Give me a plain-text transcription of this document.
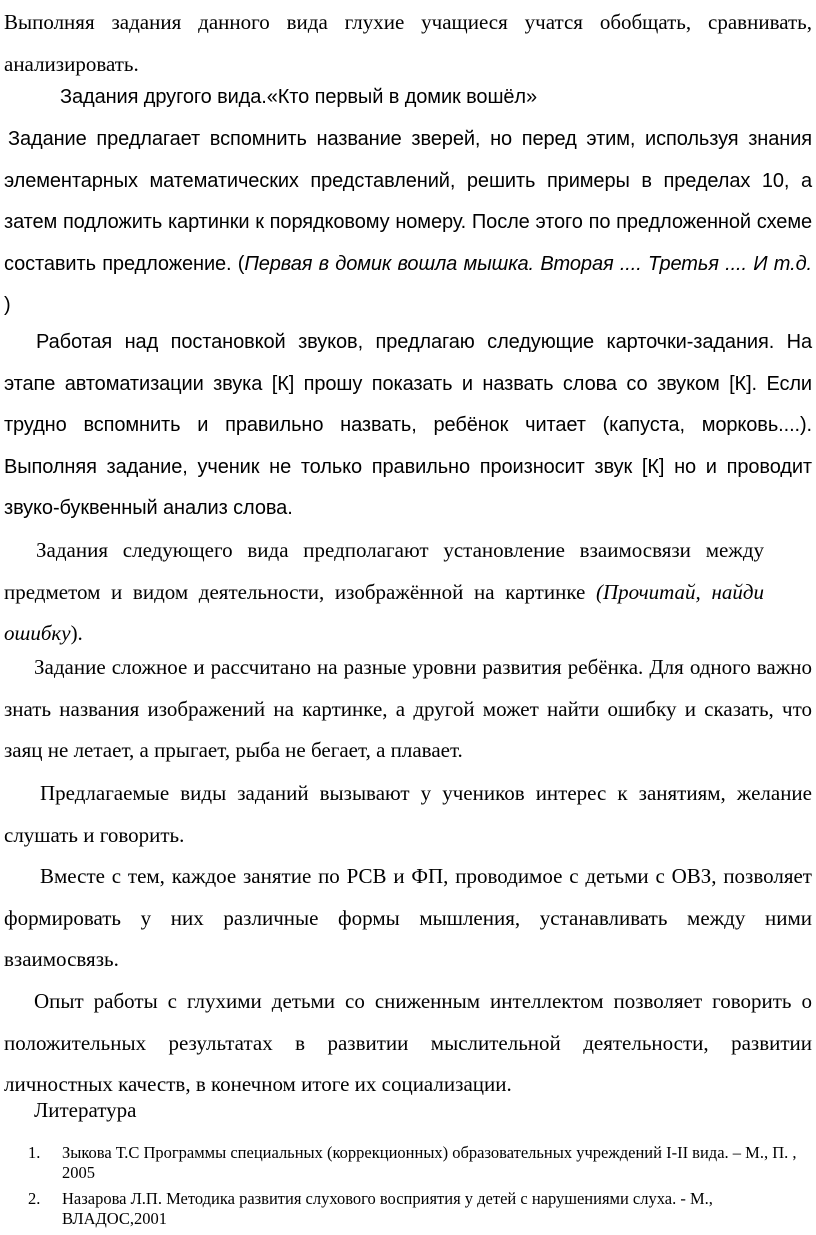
Выполняя задания данного вида глухие учащиеся учатся обобщать, сравнивать, анализировать.

Задания другого вида.«Кто первый в домик вошёл»

Задание предлагает вспомнить название зверей, но перед этим, используя знания элементарных математических представлений, решить примеры в пределах 10, а затем подложить картинки к порядковому номеру. После этого по предложенной схеме составить предложение. (Первая в домик вошла мышка. Вторая .... Третья .... И т.д. )

Работая над постановкой звуков, предлагаю следующие карточки-задания. На этапе автоматизации звука [К] прошу показать и назвать слова со звуком [К]. Если трудно вспомнить и правильно назвать, ребёнок читает (капуста, морковь....). Выполняя задание, ученик не только правильно произносит звук [К] но и проводит звуко-буквенный анализ слова.

Задания следующего вида предполагают установление взаимосвязи между предметом и видом деятельности, изображённой на картинке (Прочитай, найди ошибку).

Задание сложное и рассчитано на разные уровни развития ребёнка. Для одного важно знать названия изображений на картинке, а другой может найти ошибку и сказать, что заяц не летает, а прыгает, рыба не бегает, а плавает.

Предлагаемые виды заданий вызывают у учеников интерес к занятиям, желание слушать и говорить.

Вместе с тем, каждое занятие по РСВ и ФП, проводимое с детьми с ОВЗ, позволяет формировать у них различные формы мышления, устанавливать между ними взаимосвязь.

Опыт работы с глухими детьми со сниженным интеллектом позволяет говорить о положительных результатах в развитии мыслительной деятельности, развитии личностных качеств, в конечном итоге их социализации.

Литература

1. Зыкова Т.С Программы специальных (коррекционных) образовательных учреждений I-II вида. – М., П. , 2005
2. Назарова Л.П. Методика развития слухового восприятия у детей с нарушениями слуха. - М., ВЛАДОС,2001
